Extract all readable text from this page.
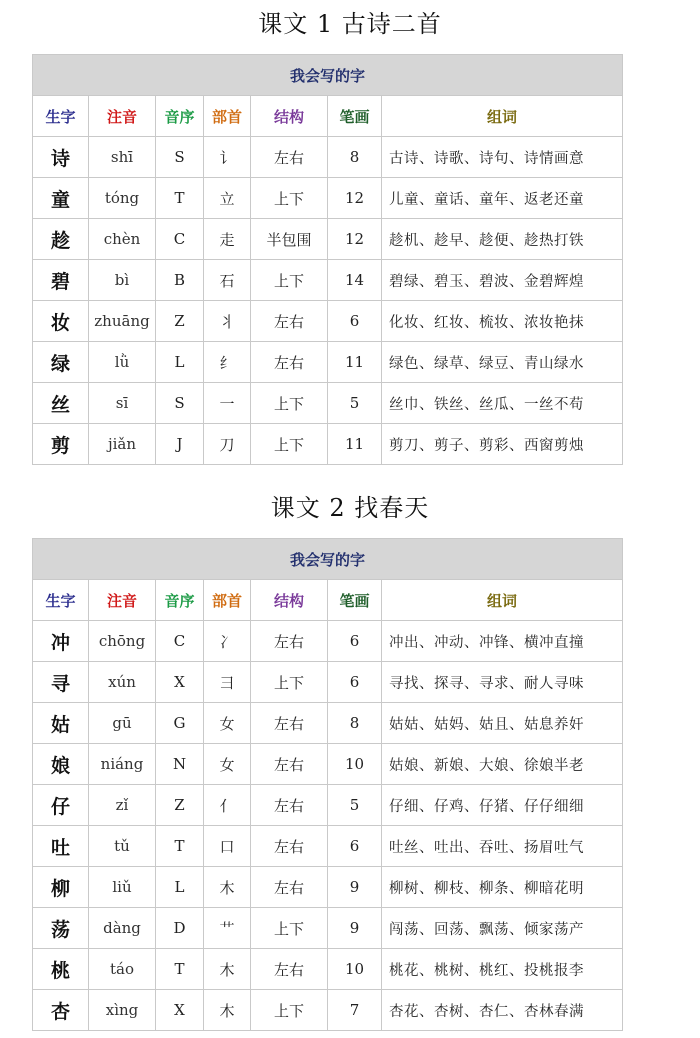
课文 1 古诗二首
我会写的字						
生字	注音	音序	部首	结构	笔画	组词
诗	shī	S	讠	左右	8	古诗、诗歌、诗句、诗情画意
童	tóng	T	立	上下	12	儿童、童话、童年、返老还童
趁	chèn	C	走	半包围	12	趁机、趁早、趁便、趁热打铁
碧	bì	B	石	上下	14	碧绿、碧玉、碧波、金碧辉煌
妆	zhuāng	Z	丬	左右	6	化妆、红妆、梳妆、浓妆艳抹
绿	lǜ	L	纟	左右	11	绿色、绿草、绿豆、青山绿水
丝	sī	S	一	上下	5	丝巾、铁丝、丝瓜、一丝不苟
剪	jiǎn	J	刀	上下	11	剪刀、剪子、剪彩、西窗剪烛
课文 2 找春天
我会写的字						
生字	注音	音序	部首	结构	笔画	组词
冲	chōng	C	冫	左右	6	冲出、冲动、冲锋、横冲直撞
寻	xún	X	彐	上下	6	寻找、探寻、寻求、耐人寻味
姑	gū	G	女	左右	8	姑姑、姑妈、姑且、姑息养奸
娘	niáng	N	女	左右	10	姑娘、新娘、大娘、徐娘半老
仔	zǐ	Z	亻	左右	5	仔细、仔鸡、仔猪、仔仔细细
吐	tǔ	T	口	左右	6	吐丝、吐出、吞吐、扬眉吐气
柳	liǔ	L	木	左右	9	柳树、柳枝、柳条、柳暗花明
荡	dàng	D	艹	上下	9	闯荡、回荡、飘荡、倾家荡产
桃	táo	T	木	左右	10	桃花、桃树、桃红、投桃报李
杏	xìng	X	木	上下	7	杏花、杏树、杏仁、杏林春满
